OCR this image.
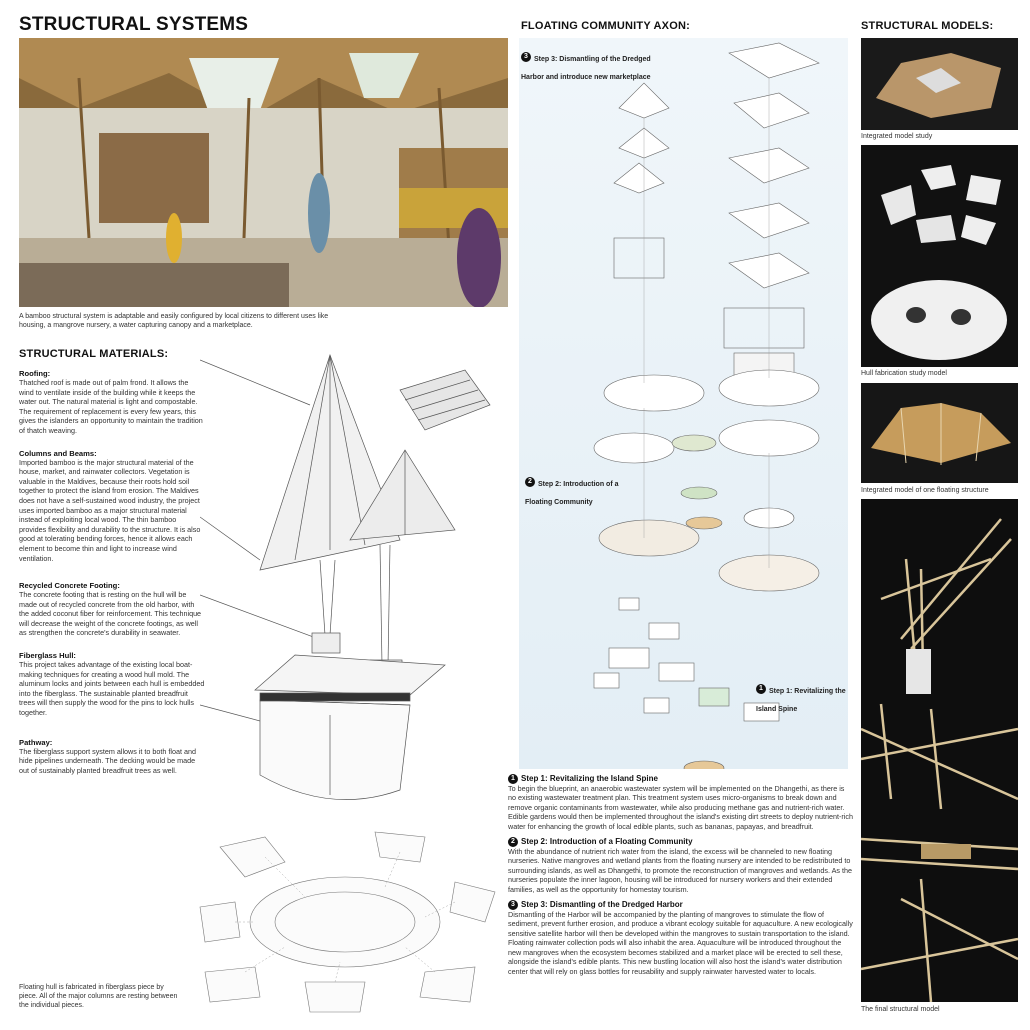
STRUCTURAL SYSTEMS
A bamboo structural system is adaptable and easily configured by local citizens to different uses like housing, a mangrove nursery, a water capturing canopy and a marketplace.
STRUCTURAL MATERIALS:
Roofing:
Thatched roof is made out of palm frond. It allows the wind to ventilate inside of the building while it keeps the water out. The natural material is light and compostable. The requirement of replacement is every few years, this gives the islanders an opportunity to maintain the tradition of thatch weaving.
Columns and Beams:
Imported bamboo is the major structural material of the house, market, and rainwater collectors. Vegetation is valuable in the Maldives, because their roots hold soil together to protect the island from erosion. The Maldives does not have a self-sustained wood industry, the project uses imported bamboo as a major structural material instead of exploiting local wood. The thin bamboo provides flexibility and durability to the structure. It is also good at tolerating bending forces, hence it allows each element to become thin and light to increase wind ventilation.
Recycled Concrete Footing:
The concrete footing that is resting on the hull will be made out of recycled concrete from the old harbor, with the added coconut fiber for reinforcement. This technique will decrease the weight of the concrete footings, as well as strengthen the concrete's durability in seawater.
Fiberglass Hull:
This project takes advantage of the existing local boat-making techniques for creating a wood hull mold. The aluminum locks and joints between each hull is embedded into the fiberglass. The sustainable planted breadfruit trees will then supply the wood for the pins to lock hulls together.
Pathway:
The fiberglass support system allows it to both float and hide pipelines underneath. The decking would be made out of sustainably planted breadfruit trees as well.
Floating hull is fabricated in fiberglass piece by piece. All of the major columns are resting between the individual pieces.
FLOATING COMMUNITY AXON:
3 Step 3: Dismantling of the Dredged Harbor and introduce new marketplace
2 Step 2: Introduction of a Floating Community
1 Step 1: Revitalizing the Island Spine
1 Step 1: Revitalizing the Island Spine
To begin the blueprint, an anaerobic wastewater system will be implemented on the Dhangethi, as there is no existing wastewater treatment plan. This treatment system uses micro-organisms to break down and remove organic contaminants from wastewater, while also producing methane gas and nutrient-rich water. Edible gardens would then be implemented throughout the island's existing dirt streets to deploy nutrient-rich water for enhancing the growth of local edible plants, such as bananas, papayas, and breadfruit.
2 Step 2: Introduction of a Floating Community
With the abundance of nutrient rich water from the island, the excess will be channeled to new floating nurseries. Native mangroves and wetland plants from the floating nursery are intended to be redistributed to surrounding islands, as well as Dhangethi, to promote the reconstruction of mangroves and wetlands. As the nurseries populate the inner lagoon, housing will be introduced for nursery workers and their extended families, as well as the opportunity for homestay tourism.
3 Step 3: Dismantling of the Dredged Harbor
Dismantling of the Harbor will be accompanied by the planting of mangroves to stimulate the flow of sediment, prevent further erosion, and produce a vibrant ecology suitable for aquaculture. A new ecologically sensitive satellite harbor will then be developed within the mangroves to sustain transportation to the island. Floating rainwater collection pods will also inhabit the area. Aquaculture will be introduced throughout the new mangroves when the ecosystem becomes stabilized and a market place will be erected to sell these, alongside the island's edible plants. This new bustling location will also host the island's water distribution center that will rely on glass bottles for reusability and supply rainwater harvested water to locals.
STRUCTURAL MODELS:
Integrated model study
Hull fabrication study model
Integrated model of one floating structure
The final structural model
